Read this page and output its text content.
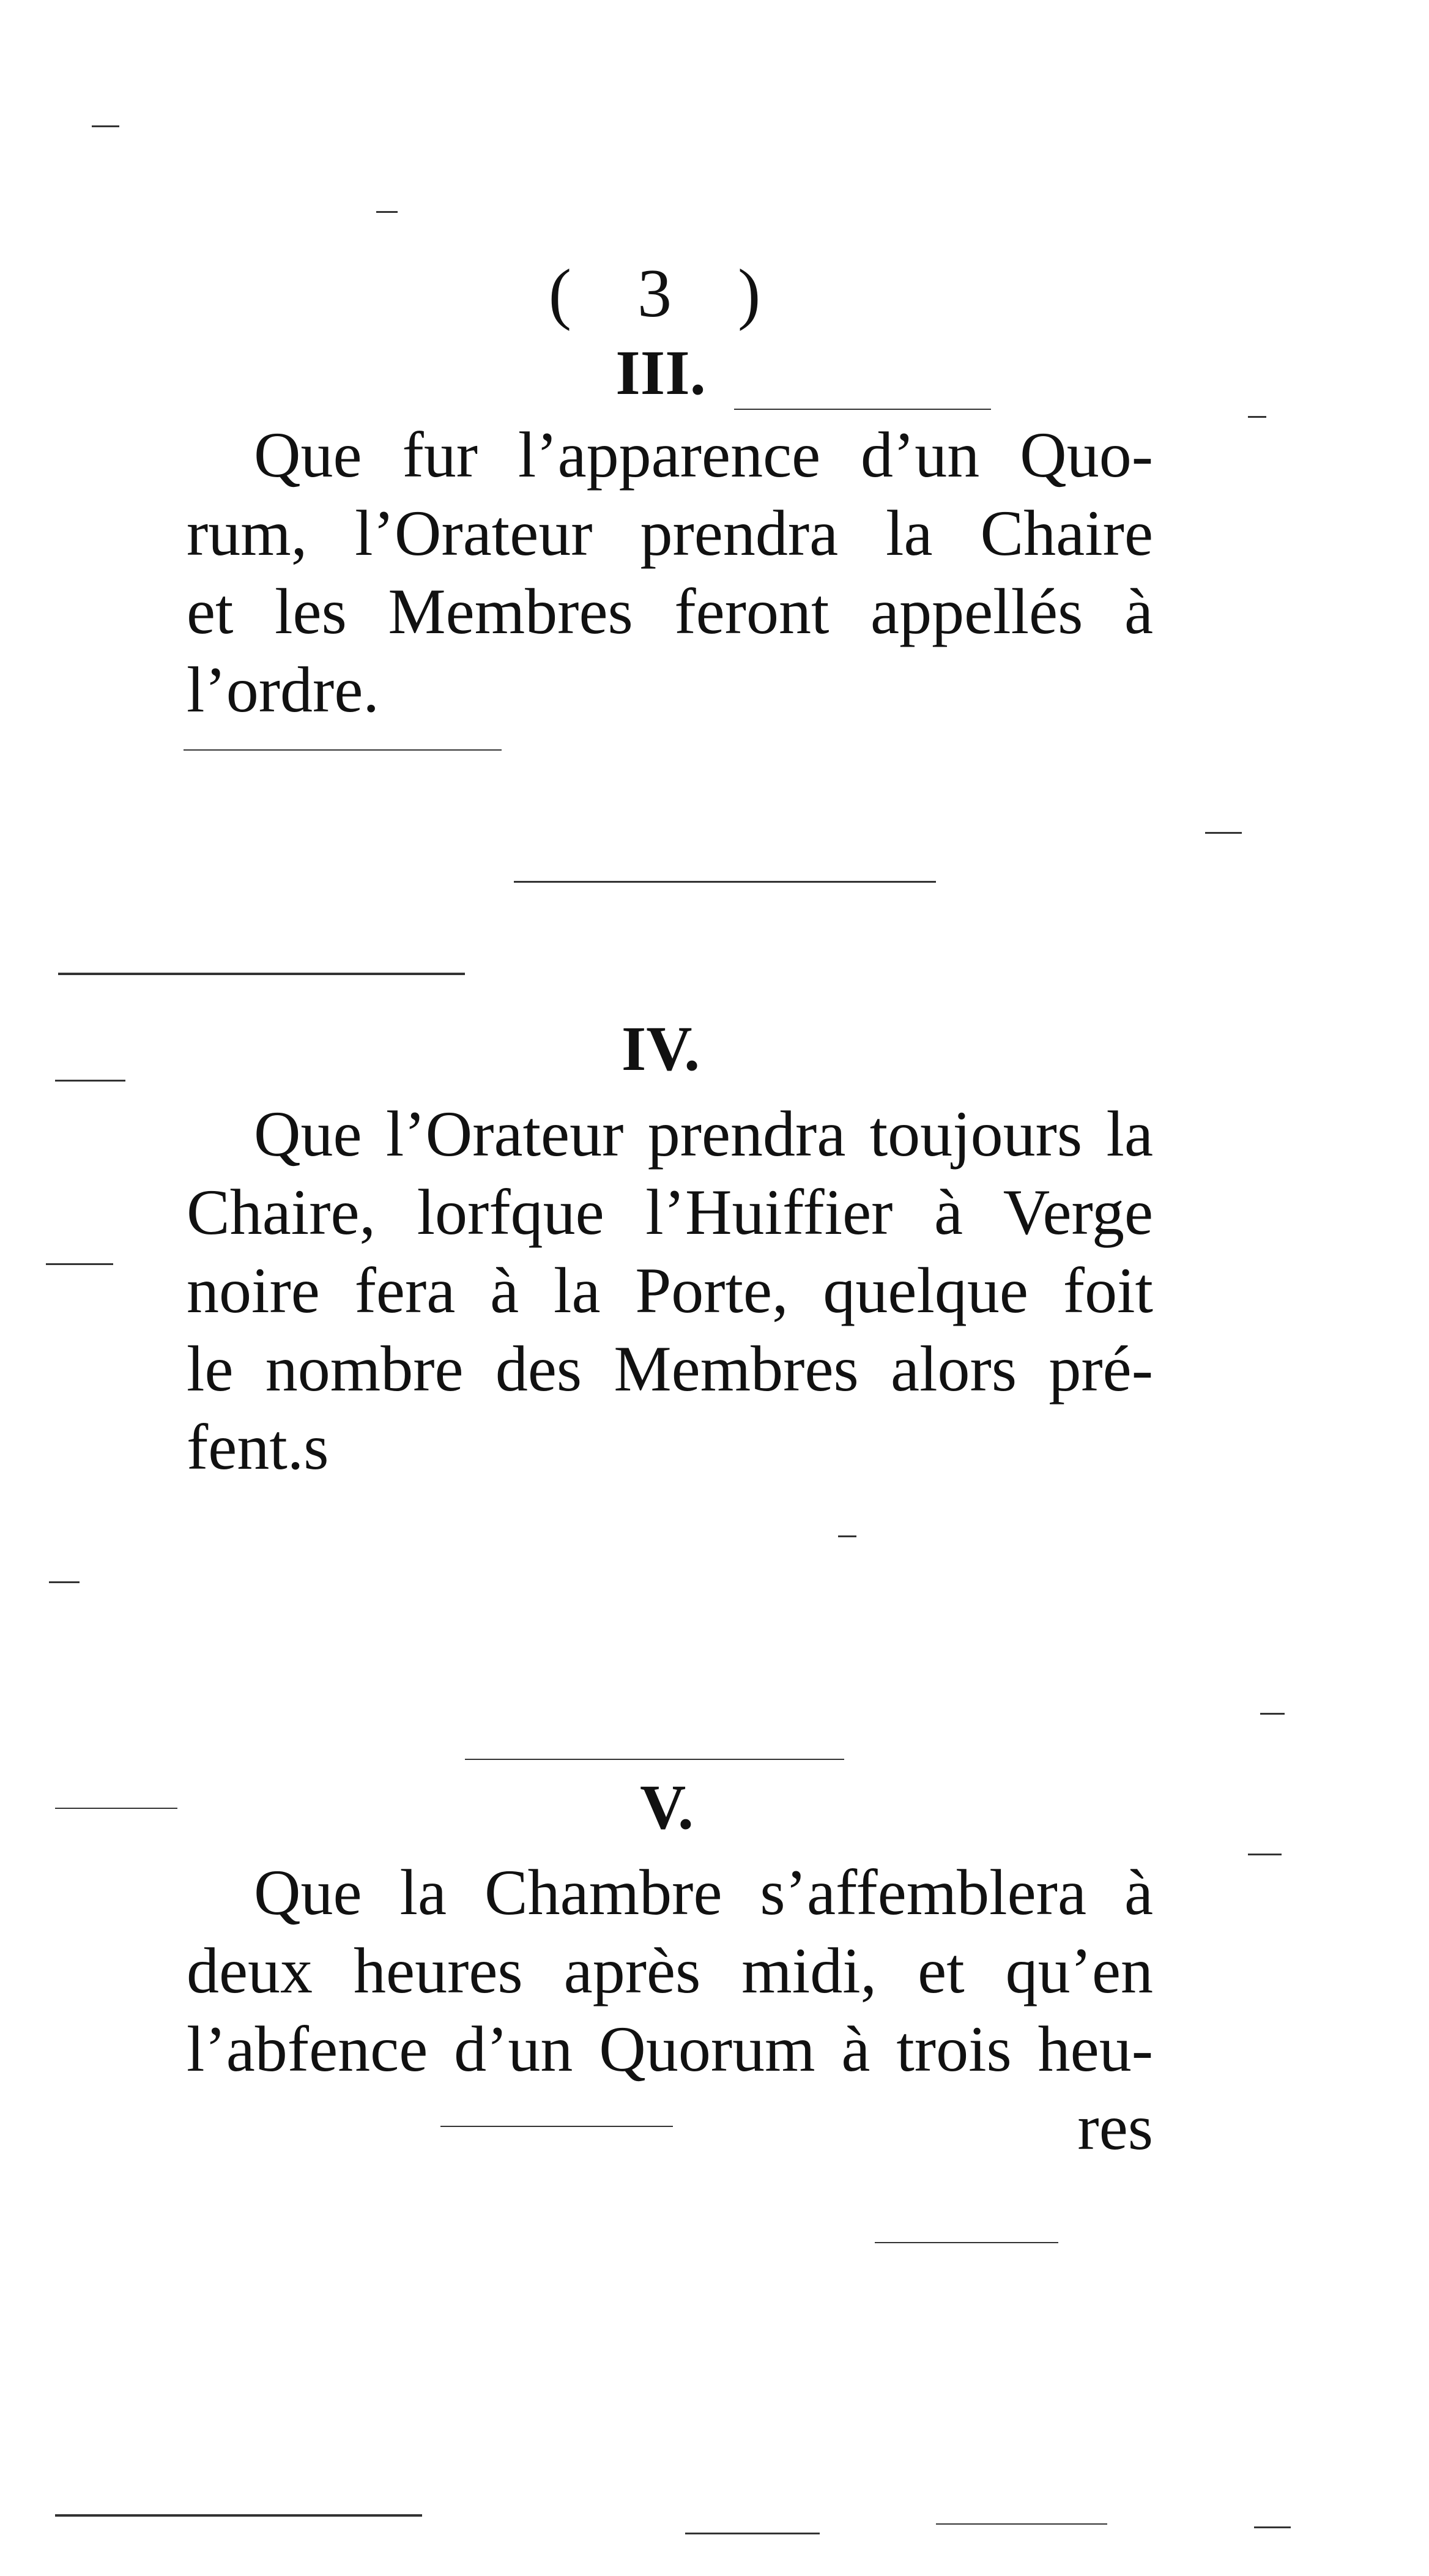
( 3 )
III.
Que fur l’apparence d’un Quo-
rum, l’Orateur prendra la Chaire
et les Membres feront appellés à
l’ordre.
IV.
Que l’Orateur prendra toujours la
Chaire, lorfque l’Huiffier à Verge
noire fera à la Porte, quelque foit
le nombre des Membres alors pré-
fent.s
V.
Que la Chambre s’affemblera à
deux heures après midi, et qu’en
l’abfence d’un Quorum à trois heu-
res
